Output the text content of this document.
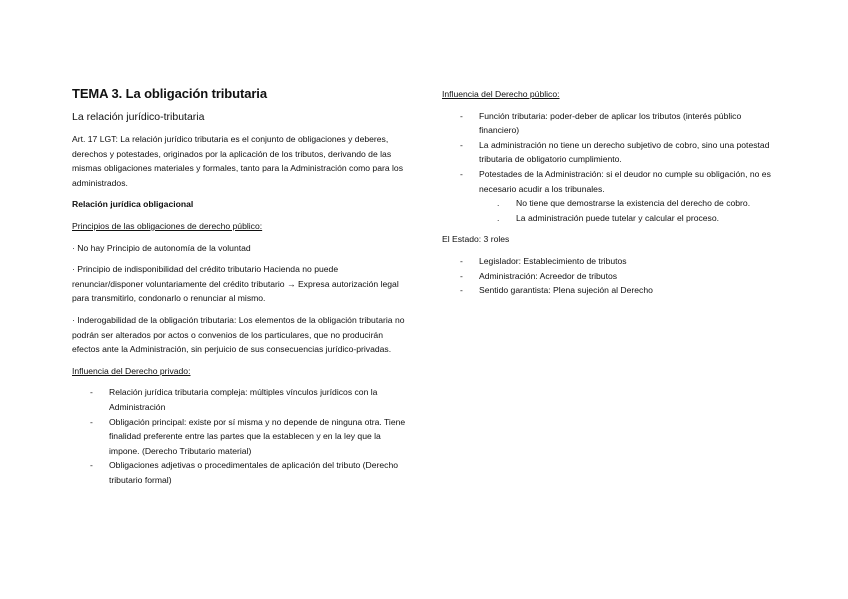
TEMA 3. La obligación tributaria
La relación jurídico-tributaria
Art. 17 LGT: La relación jurídico tributaria es el conjunto de obligaciones y deberes, derechos y potestades, originados por la aplicación de los tributos, derivando de las mismas obligaciones materiales y formales, tanto para la Administración como para los administrados.
Relación jurídica obligacional
Principios de las obligaciones de derecho público:
· No hay Principio de autonomía de la voluntad
· Principio de indisponibilidad del crédito tributario Hacienda no puede renunciar/disponer voluntariamente del crédito tributario → Expresa autorización legal para transmitirlo, condonarlo o renunciar al mismo.
· Inderogabilidad de la obligación tributaria: Los elementos de la obligación tributaria no podrán ser alterados por actos o convenios de los particulares, que no producirán efectos ante la Administración, sin perjuicio de sus consecuencias jurídico-privadas.
Influencia del Derecho privado:
- Relación jurídica tributaria compleja: múltiples vínculos jurídicos con la Administración
- Obligación principal: existe por sí misma y no depende de ninguna otra. Tiene finalidad preferente entre las partes que la establecen y en la ley que la impone. (Derecho Tributario material)
- Obligaciones adjetivas o procedimentales de aplicación del tributo (Derecho tributario formal)
Influencia del Derecho público:
- Función tributaria: poder-deber de aplicar los tributos (interés público financiero)
- La administración no tiene un derecho subjetivo de cobro, sino una potestad tributaria de obligatorio cumplimiento.
- Potestades de la Administración: si el deudor no cumple su obligación, no es necesario acudir a los tribunales.
. No tiene que demostrarse la existencia del derecho de cobro.
. La administración puede tutelar y calcular el proceso.
El Estado: 3 roles
- Legislador: Establecimiento de tributos
- Administración: Acreedor de tributos
- Sentido garantista: Plena sujeción al Derecho
